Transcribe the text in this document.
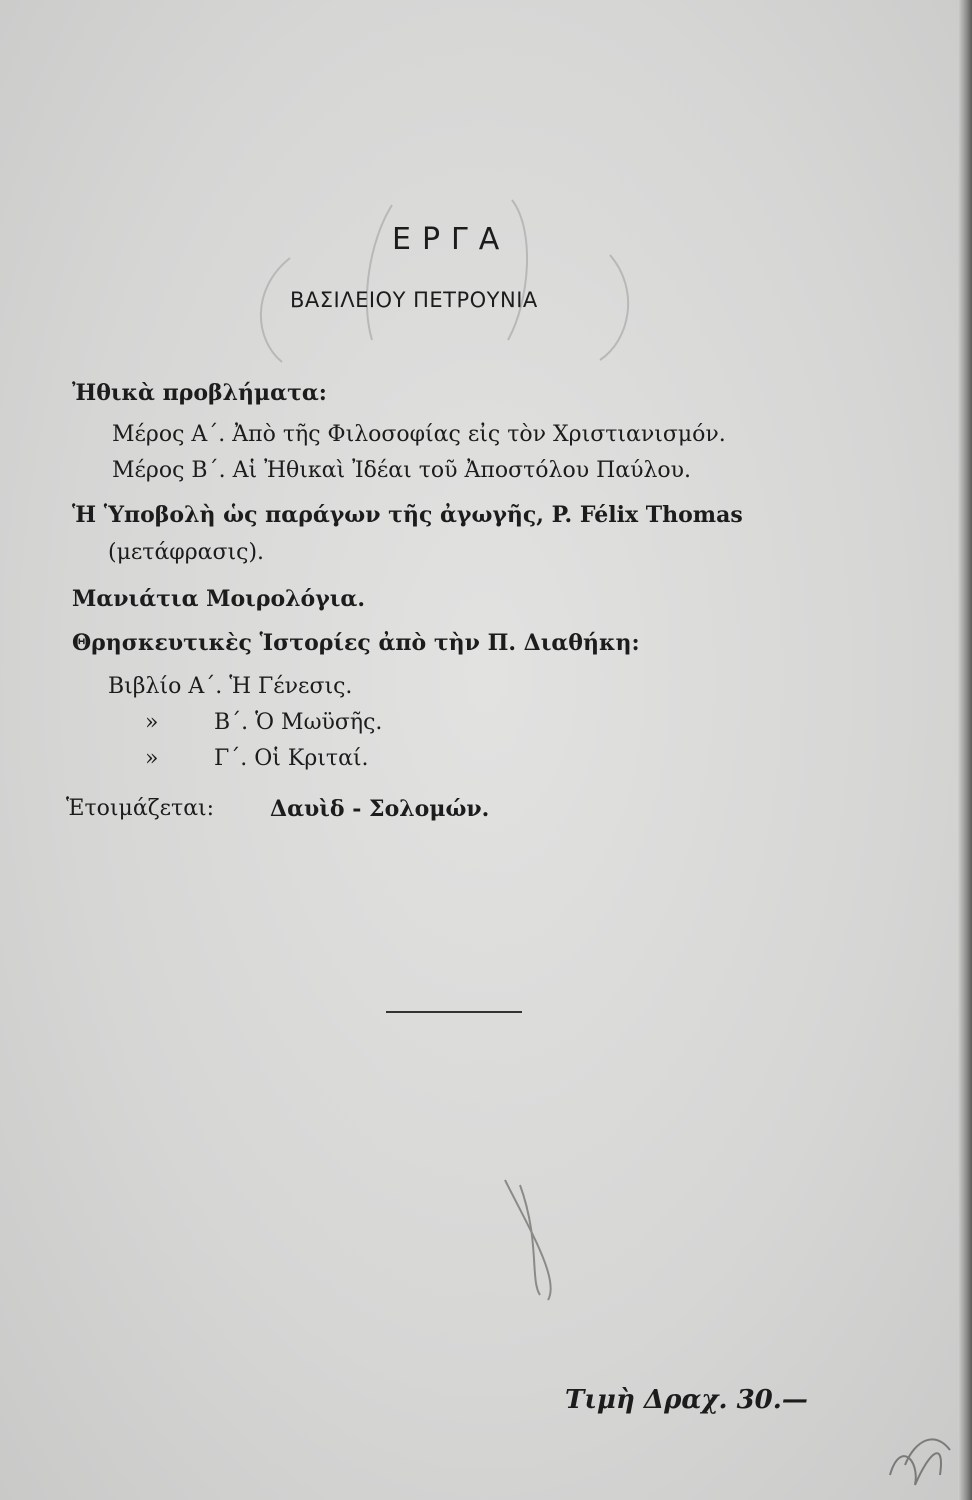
ΕΡΓΑ
ΒΑΣΙΛΕΙΟΥ ΠΕΤΡΟΥΝΙΑ
Ἠθικὰ προβλήματα:
Μέρος Α΄. Ἀπὸ τῆς Φιλοσοφίας εἰς τὸν Χριστιανισμόν.
Μέρος Β΄. Αἱ Ἠθικαὶ Ἰδέαι τοῦ Ἀποστόλου Παύλου.
Ἡ Ὑποβολὴ ὡς παράγων τῆς ἀγωγῆς, P. Félix Thomas
(μετάφρασις).
Μανιάτια Μοιρολόγια.
Θρησκευτικὲς Ἱστορίες ἀπὸ τὴν Π. Διαθήκη:
Βιβλίο Α΄. Ἡ Γένεσις.
»	Β΄. Ὁ Μωϋσῆς.
»	Γ΄. Οἱ Κριταί.
Ἑτοιμάζεται:	Δαυὶδ - Σολομών.
Τιμὴ Δραχ. 30.—
